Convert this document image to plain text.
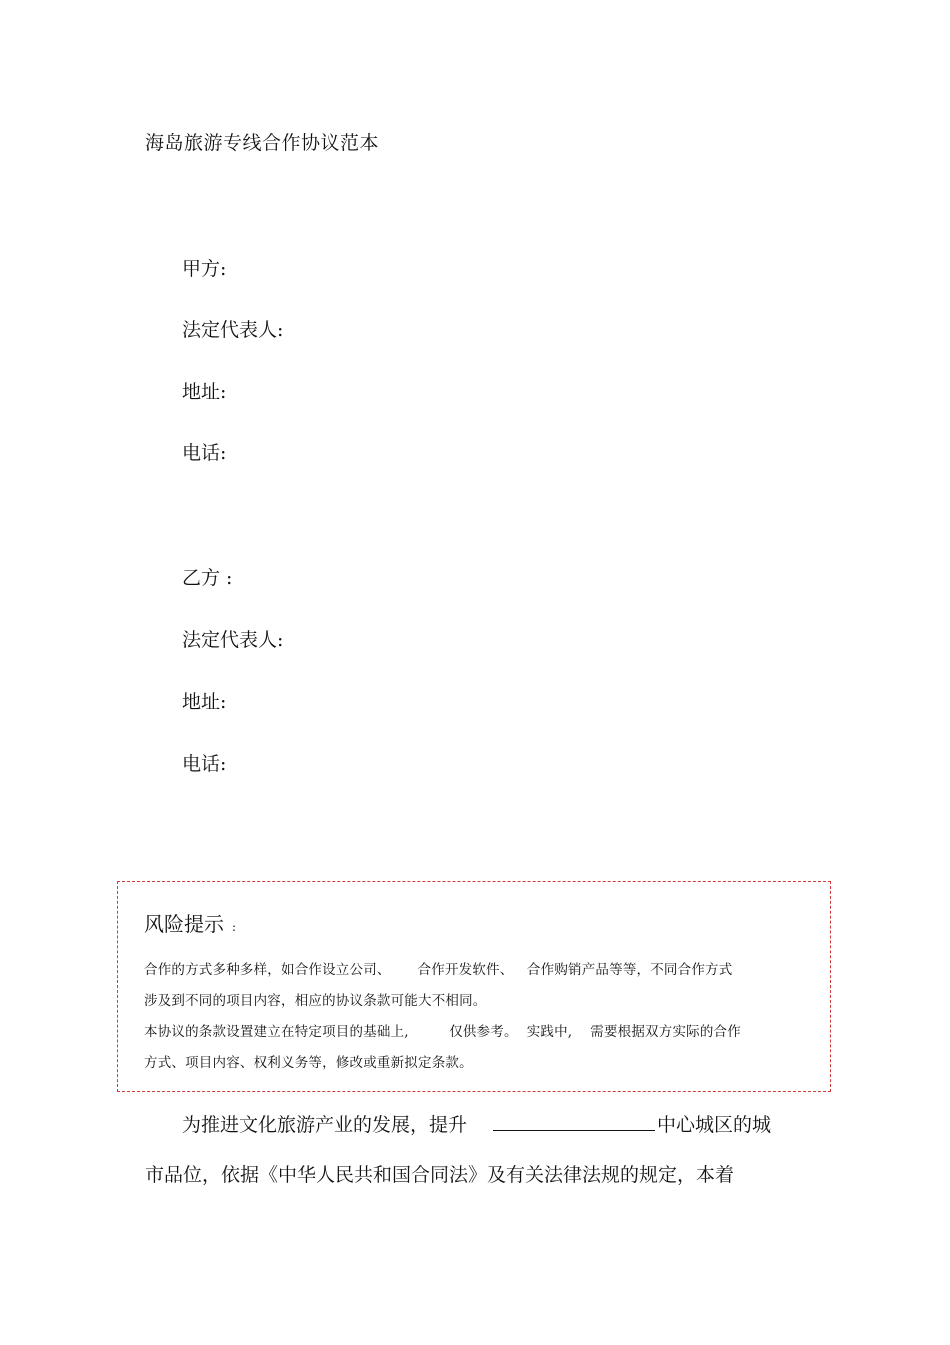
海岛旅游专线合作协议范本
甲方:
法定代表人:
地址:
电话:
乙方 :
法定代表人:
地址:
电话:
风险提示 :
合作的方式多种多样，如合作设立公司、      合作开发软件、   合作购销产品等等，不同合作方式
涉及到不同的项目内容，相应的协议条款可能大不相同。
本协议的条款设置建立在特定项目的基础上,         仅供参考。  实践中,    需要根据双方实际的合作
方式、项目内容、权利义务等，修改或重新拟定条款。
为推进文化旅游产业的发展，提升	中心城区的城
市品位，依据《中华人民共和国合同法》及有关法律法规的规定，本着
